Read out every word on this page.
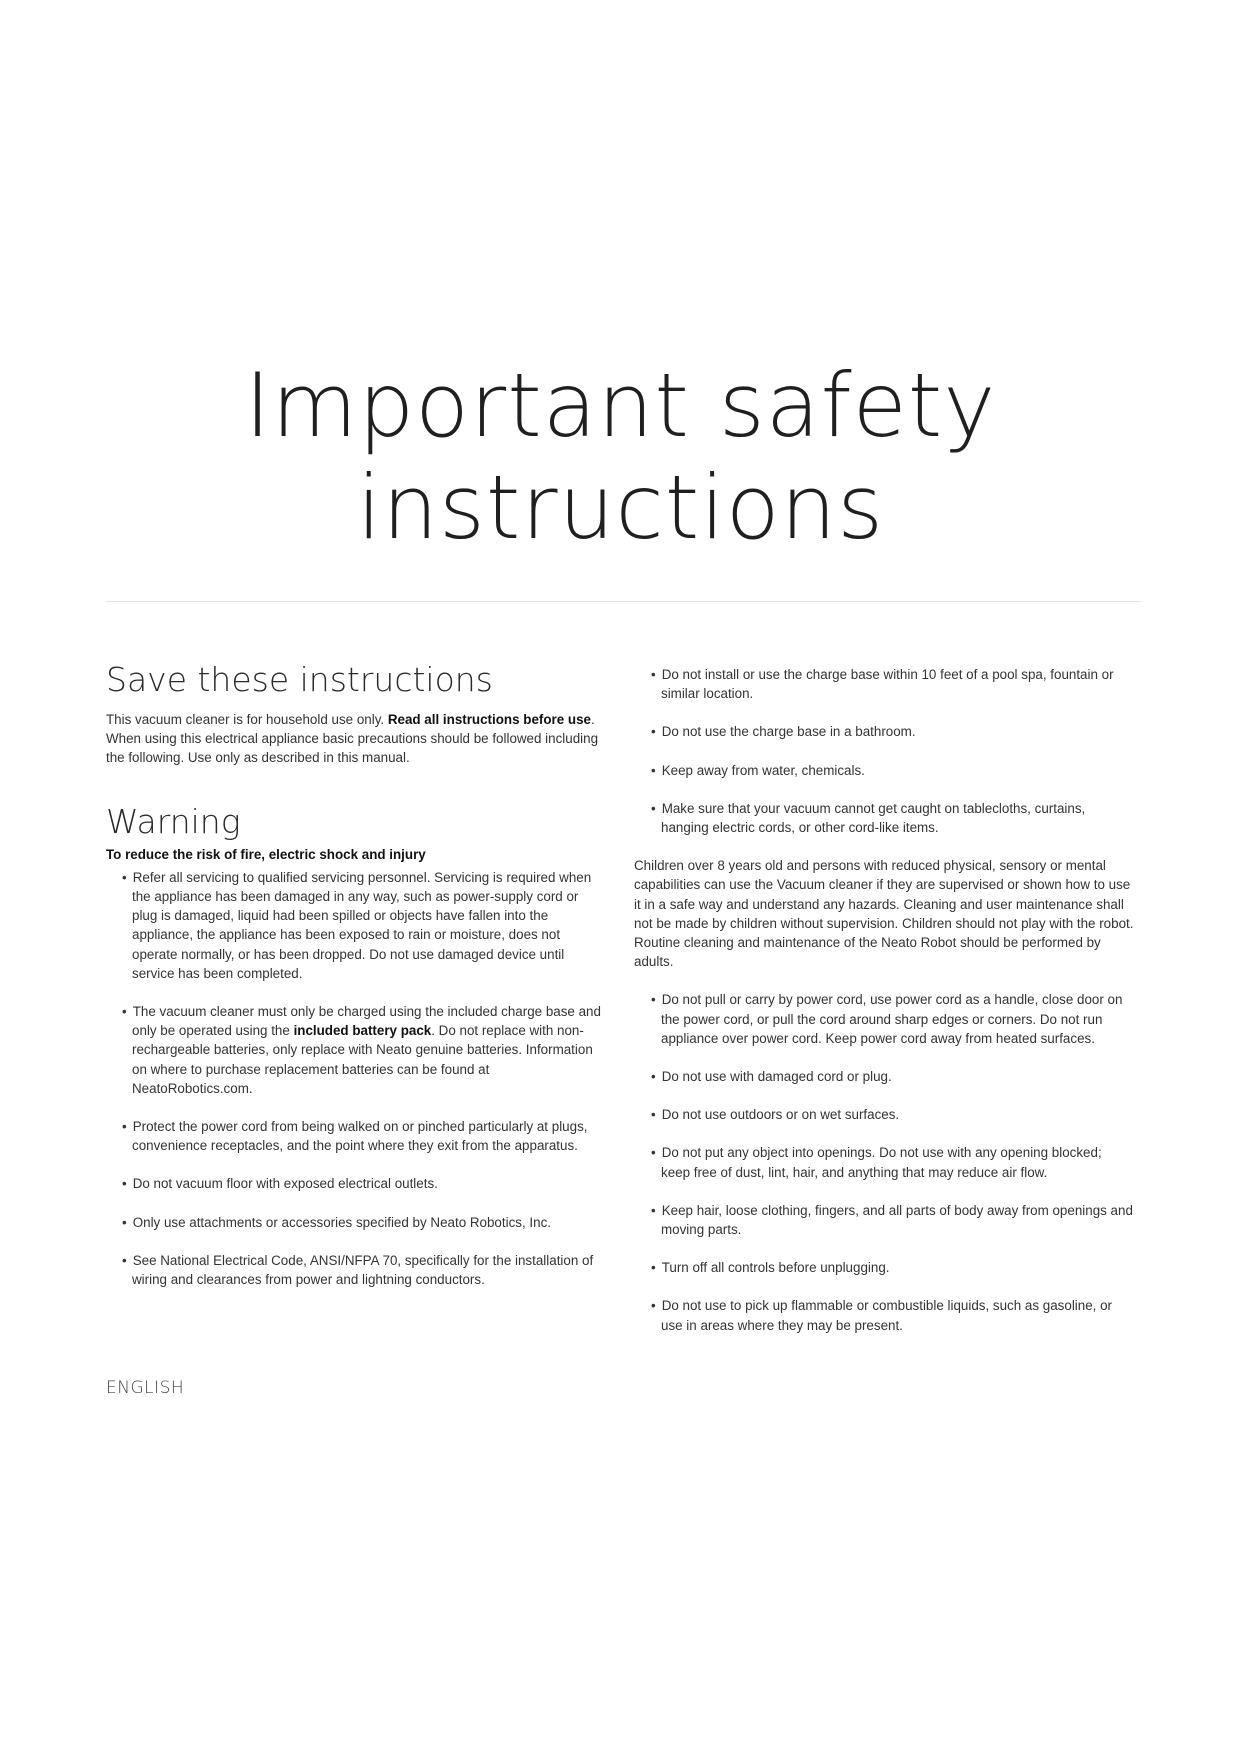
Important safety
instructions
Save these instructions

This vacuum cleaner is for household use only. Read all instructions before use. When using this electrical appliance basic precautions should be followed including the following. Use only as described in this manual.

Warning

To reduce the risk of fire, electric shock and injury

• Refer all servicing to qualified servicing personnel. Servicing is required when the appliance has been damaged in any way, such as power-supply cord or plug is damaged, liquid had been spilled or objects have fallen into the appliance, the appliance has been exposed to rain or moisture, does not operate normally, or has been dropped. Do not use damaged device until service has been completed.
• The vacuum cleaner must only be charged using the included charge base and only be operated using the included battery pack. Do not replace with non-rechargeable batteries, only replace with Neato genuine batteries. Information on where to purchase replacement batteries can be found at NeatoRobotics.com.
• Protect the power cord from being walked on or pinched particularly at plugs, convenience receptacles, and the point where they exit from the apparatus.
• Do not vacuum floor with exposed electrical outlets.
• Only use attachments or accessories specified by Neato Robotics, Inc.
• See National Electrical Code, ANSI/NFPA 70, specifically for the installation of wiring and clearances from power and lightning conductors.
• Do not install or use the charge base within 10 feet of a pool spa, fountain or similar location.
• Do not use the charge base in a bathroom.
• Keep away from water, chemicals.
• Make sure that your vacuum cannot get caught on tablecloths, curtains, hanging electric cords, or other cord-like items.

Children over 8 years old and persons with reduced physical, sensory or mental capabilities can use the Vacuum cleaner if they are supervised or shown how to use it in a safe way and understand any hazards. Cleaning and user maintenance shall not be made by children without supervision. Children should not play with the robot. Routine cleaning and maintenance of the Neato Robot should be performed by adults.

• Do not pull or carry by power cord, use power cord as a handle, close door on the power cord, or pull the cord around sharp edges or corners. Do not run appliance over power cord. Keep power cord away from heated surfaces.
• Do not use with damaged cord or plug.
• Do not use outdoors or on wet surfaces.
• Do not put any object into openings. Do not use with any opening blocked; keep free of dust, lint, hair, and anything that may reduce air flow.
• Keep hair, loose clothing, fingers, and all parts of body away from openings and moving parts.
• Turn off all controls before unplugging.
• Do not use to pick up flammable or combustible liquids, such as gasoline, or use in areas where they may be present.
ENGLISH
